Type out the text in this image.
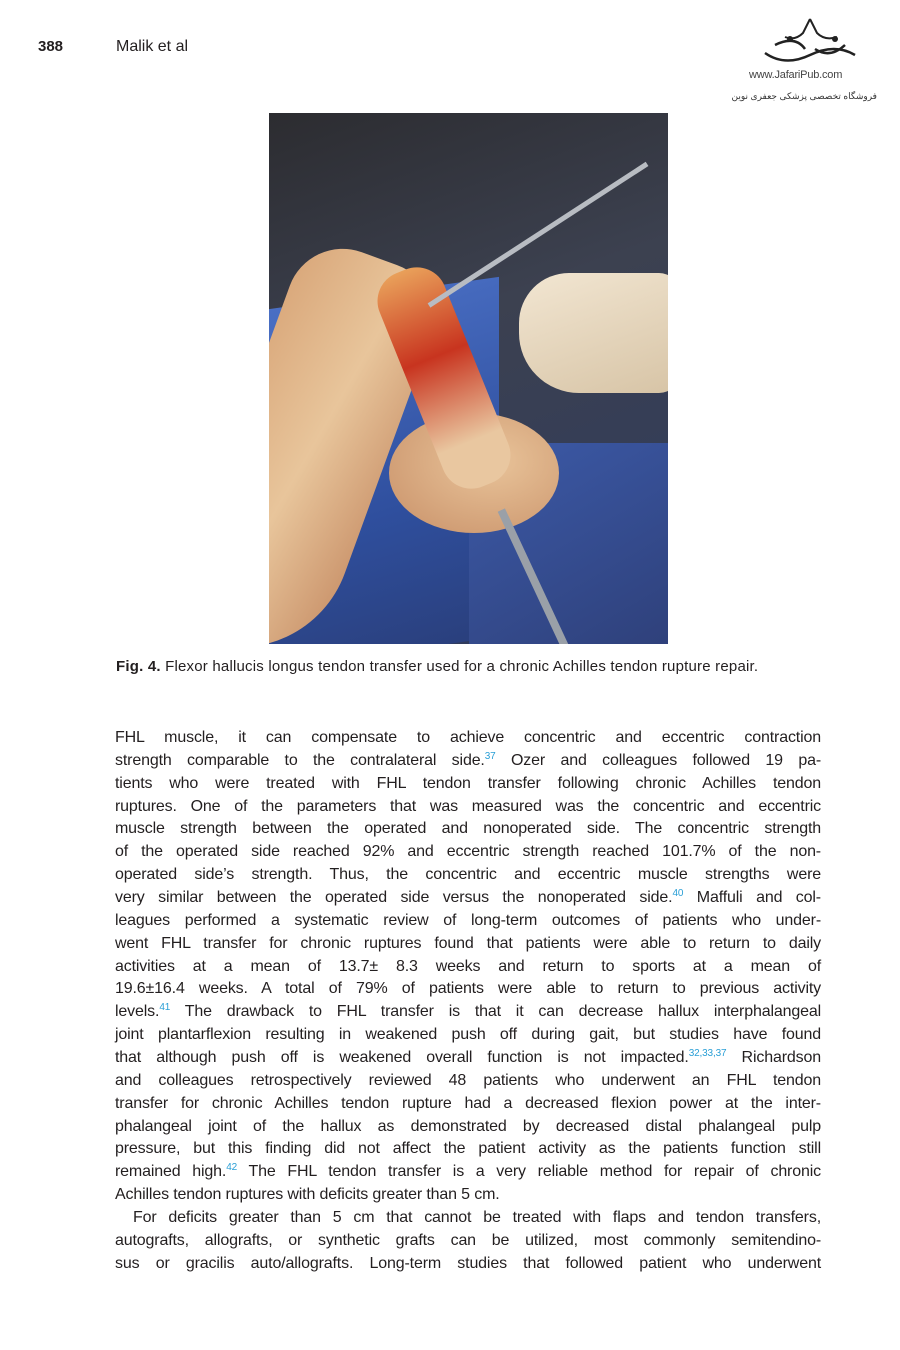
388	Malik et al
www.JafariPub.com
فروشگاه تخصصی پزشکی جعفری نوین
Fig. 4. Flexor hallucis longus tendon transfer used for a chronic Achilles tendon rupture repair.
FHL muscle, it can compensate to achieve concentric and eccentric contraction
strength comparable to the contralateral side.$^{37}$ Ozer and colleagues followed 19 pa-
tients who were treated with FHL tendon transfer following chronic Achilles tendon
ruptures. One of the parameters that was measured was the concentric and eccentric
muscle strength between the operated and nonoperated side. The concentric strength
of the operated side reached 92% and eccentric strength reached 101.7% of the non-
operated side’s strength. Thus, the concentric and eccentric muscle strengths were
very similar between the operated side versus the nonoperated side.$^{40}$ Maffuli and col-
leagues performed a systematic review of long-term outcomes of patients who under-
went FHL transfer for chronic ruptures found that patients were able to return to daily
activities at a mean of 13.7± 8.3 weeks and return to sports at a mean of
19.6±16.4 weeks. A total of 79% of patients were able to return to previous activity
levels.$^{41}$ The drawback to FHL transfer is that it can decrease hallux interphalangeal
joint plantarflexion resulting in weakened push off during gait, but studies have found
that although push off is weakened overall function is not impacted.$^{32,33,37}$ Richardson
and colleagues retrospectively reviewed 48 patients who underwent an FHL tendon
transfer for chronic Achilles tendon rupture had a decreased flexion power at the inter-
phalangeal joint of the hallux as demonstrated by decreased distal phalangeal pulp
pressure, but this finding did not affect the patient activity as the patients function still
remained high.$^{42}$ The FHL tendon transfer is a very reliable method for repair of chronic
Achilles tendon ruptures with deficits greater than 5 cm.
For deficits greater than 5 cm that cannot be treated with flaps and tendon transfers,
autografts, allografts, or synthetic grafts can be utilized, most commonly semitendino-
sus or gracilis auto/allografts. Long-term studies that followed patient who underwent
